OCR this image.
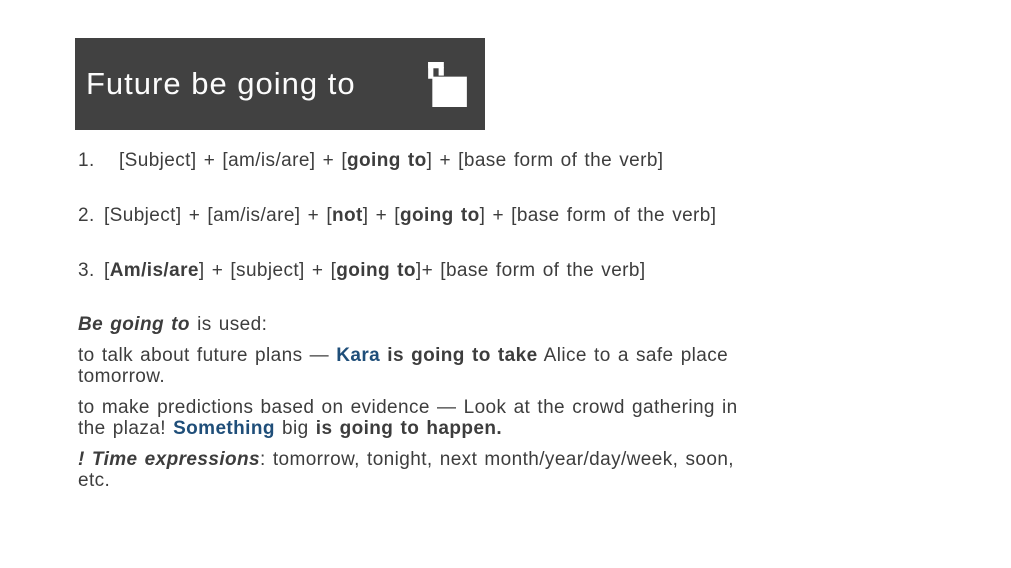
Future be going to
1.	[Subject] + [am/is/are] + [going to] + [base form of the verb]
2. [Subject] + [am/is/are] + [not] + [going to] + [base form of the verb]
3. [Am/is/are] + [subject] + [going to]+ [base form of the verb]
Be going to is used:
to talk about future plans — Kara is going to take Alice to a safe place
tomorrow.
to make predictions based on evidence — Look at the crowd gathering in
the plaza! Something big is going to happen.
! Time expressions: tomorrow, tonight, next month/year/day/week, soon,
etc.
